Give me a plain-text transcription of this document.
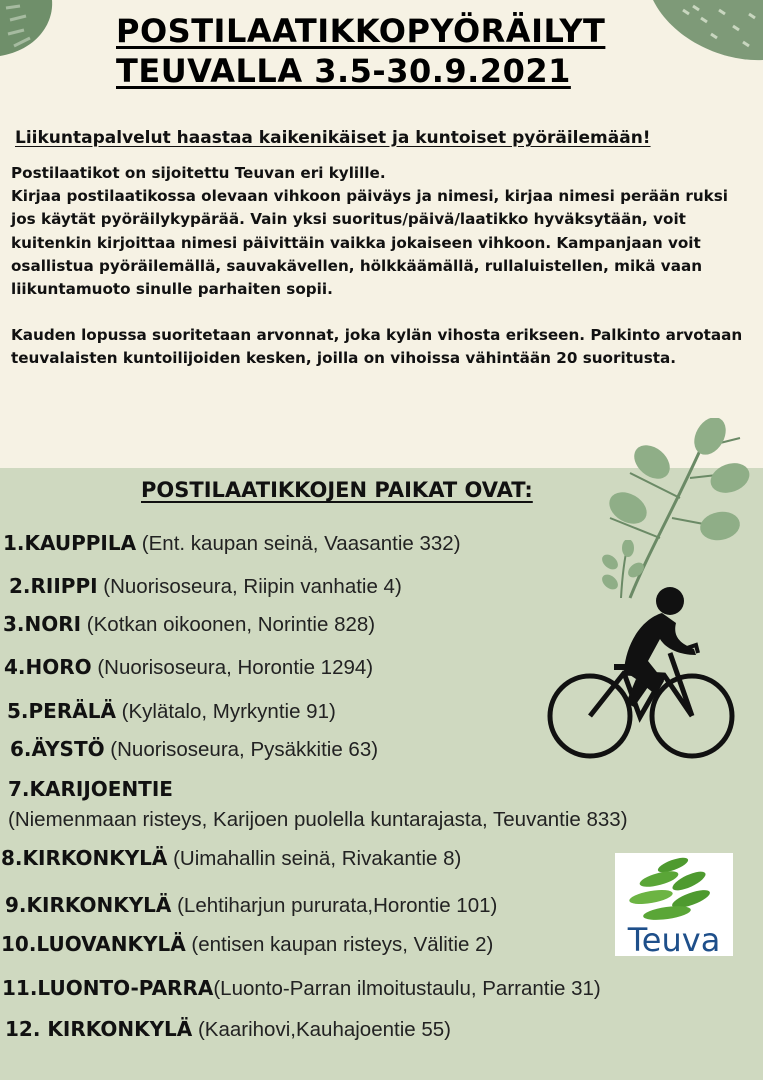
POSTILAATIKKOPYÖRÄILYT
TEUVALLA 3.5-30.9.2021
Liikuntapalvelut haastaa kaikenikäiset ja kuntoiset pyöräilemään!

Postilaatikot on sijoitettu Teuvan eri kylille.

Kirjaa postilaatikossa olevaan vihkoon päiväys ja nimesi, kirjaa nimesi perään ruksi jos käytät pyöräilykypärää. Vain yksi suoritus/päivä/laatikko hyväksytään, voit kuitenkin kirjoittaa nimesi päivittäin vaikka jokaiseen vihkoon. Kampanjaan voit osallistua pyöräilemällä, sauvakävellen, hölkkäämällä, rullaluistellen, mikä vaan liikuntamuoto sinulle parhaiten sopii.

Kauden lopussa suoritetaan arvonnat, joka kylän vihosta erikseen. Palkinto arvotaan teuvalaisten kuntoilijoiden kesken, joilla on vihoissa vähintään 20 suoritusta.

POSTILAATIKKOJEN PAIKAT OVAT:
1.KAUPPILA (Ent. kaupan seinä, Vaasantie 332)
2.RIIPPI (Nuorisoseura, Riipin vanhatie 4)
3.NORI (Kotkan oikoonen, Norintie 828)
4.HORO (Nuorisoseura, Horontie 1294)
5.PERÄLÄ (Kylätalo, Myrkyntie 91)
6.ÄYSTÖ (Nuorisoseura, Pysäkkitie 63)
7.KARIJOENTIE
(Niemenmaan risteys, Karijoen puolella kuntarajasta, Teuvantie 833)
8.KIRKONKYLÄ (Uimahallin seinä, Rivakantie 8)
9.KIRKONKYLÄ (Lehtiharjun pururata,Horontie 101)
10.LUOVANKYLÄ (entisen kaupan risteys, Välitie 2)
11.LUONTO-PARRA(Luonto-Parran ilmoitustaulu, Parrantie 31)
12. KIRKONKYLÄ (Kaarihovi,Kauhajoentie 55)
Teuva
